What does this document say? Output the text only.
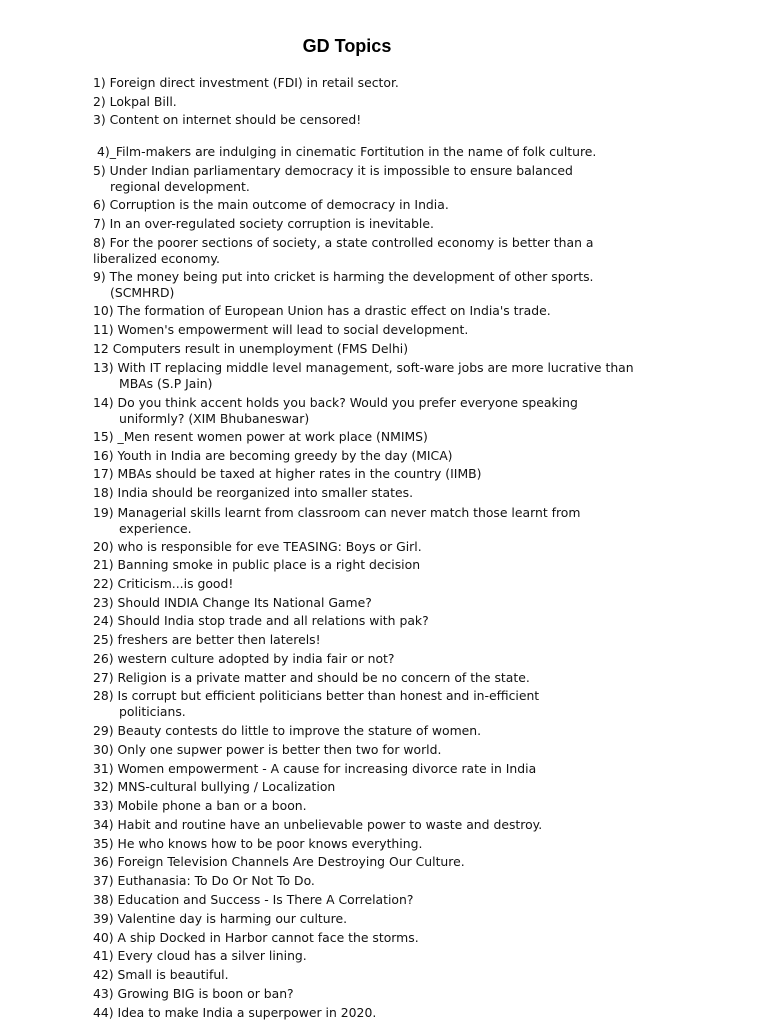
GD Topics
1) Foreign direct investment (FDI) in retail sector.
2) Lokpal Bill.
3) Content on internet should be censored!
4)_Film-makers are indulging in cinematic Fortitution in the name of folk culture.
5) Under Indian parliamentary democracy it is impossible to ensure balanced
regional development.
6) Corruption is the main outcome of democracy in India.
7) In an over-regulated society corruption is inevitable.
8) For the poorer sections of society, a state controlled economy is better than a
liberalized economy.
9) The money being put into cricket is harming the development of other sports.
(SCMHRD)
10) The formation of European Union has a drastic effect on India's trade.
11) Women's empowerment will lead to social development.
12 Computers result in unemployment (FMS Delhi)
13) With IT replacing middle level management, soft-ware jobs are more lucrative than
MBAs (S.P Jain)
14) Do you think accent holds you back? Would you prefer everyone speaking
uniformly? (XIM Bhubaneswar)
15) _Men resent women power at work place (NMIMS)
16) Youth in India are becoming greedy by the day (MICA)
17) MBAs should be taxed at higher rates in the country (IIMB)
18) India should be reorganized into smaller states.
19) Managerial skills learnt from classroom can never match those learnt from
experience.
20) who is responsible for eve TEASING: Boys or Girl.
21) Banning smoke in public place is a right decision
22) Criticism...is good!
23) Should INDIA Change Its National Game?
24) Should India stop trade and all relations with pak?
25) freshers are better then laterels!
26) western culture adopted by india fair or not?
27) Religion is a private matter and should be no concern of the state.
28) Is corrupt but efficient politicians better than honest and in-efficient
politicians.
29) Beauty contests do little to improve the stature of women.
30) Only one supwer power is better then two for world.
31) Women empowerment - A cause for increasing divorce rate in India
32) MNS-cultural bullying / Localization
33) Mobile phone a ban or a boon.
34) Habit and routine have an unbelievable power to waste and destroy.
35) He who knows how to be poor knows everything.
36) Foreign Television Channels Are Destroying Our Culture.
37) Euthanasia: To Do Or Not To Do.
38) Education and Success - Is There A Correlation?
39) Valentine day is harming our culture.
40) A ship Docked in Harbor cannot face the storms.
41) Every cloud has a silver lining.
42) Small is beautiful.
43) Growing BIG is boon or ban?
44) Idea to make India a superpower in 2020.
